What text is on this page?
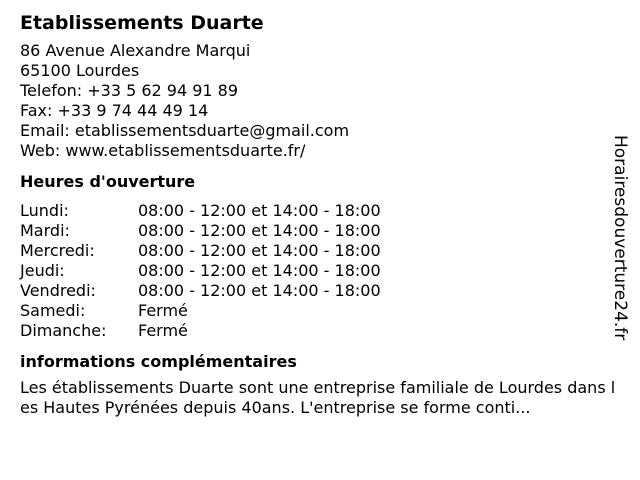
Etablissements Duarte
86 Avenue Alexandre Marqui
65100 Lourdes
Telefon: +33 5 62 94 91 89
Fax: +33 9 74 44 49 14
Email: etablissementsduarte@gmail.com
Web: www.etablissementsduarte.fr/
Heures d'ouverture
Lundi:	08:00 - 12:00 et 14:00 - 18:00
Mardi:	08:00 - 12:00 et 14:00 - 18:00
Mercredi:	08:00 - 12:00 et 14:00 - 18:00
Jeudi:	08:00 - 12:00 et 14:00 - 18:00
Vendredi:	08:00 - 12:00 et 14:00 - 18:00
Samedi:	Fermé
Dimanche:	Fermé
informations complémentaires
Les établissements Duarte sont une entreprise familiale de Lourdes dans les Hautes Pyrénées depuis 40ans. L'entreprise se forme conti...
Horairesdouverture24.fr
